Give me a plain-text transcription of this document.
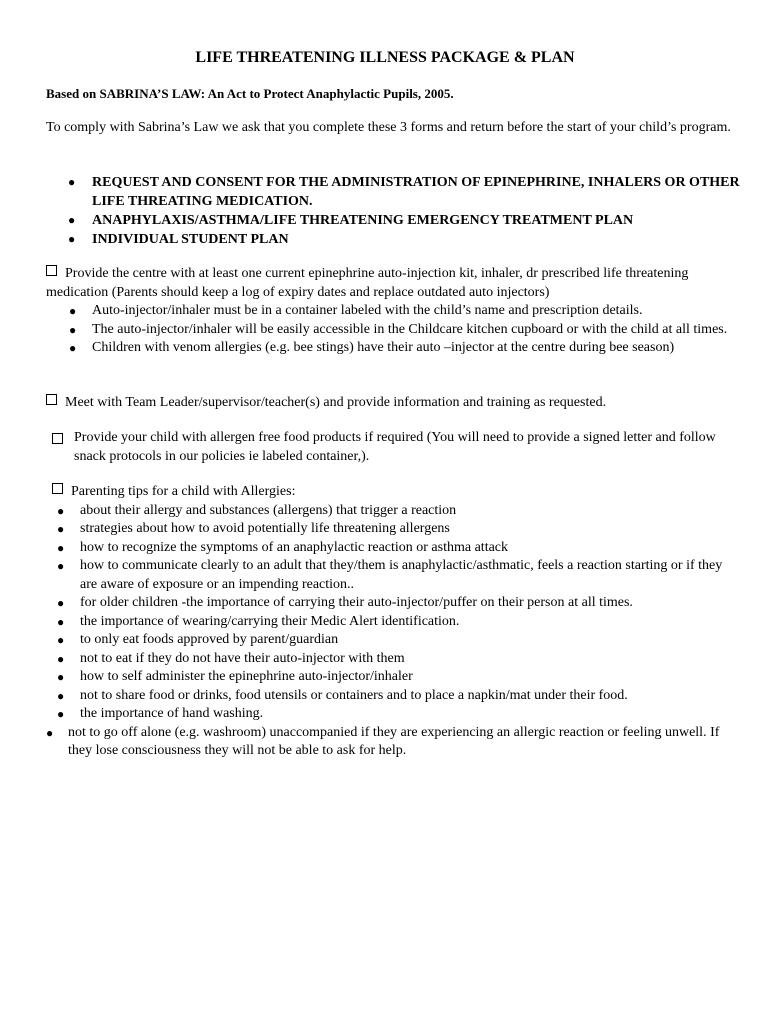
LIFE THREATENING ILLNESS PACKAGE & PLAN
Based on SABRINA’S LAW: An Act to Protect Anaphylactic Pupils, 2005.
To comply with Sabrina’s Law we ask that you complete these 3 forms and return before the start of your child’s program.
● REQUEST AND CONSENT FOR THE ADMINISTRATION OF EPINEPHRINE, INHALERS OR OTHER LIFE THREATING MEDICATION.
● ANAPHYLAXIS/ASTHMA/LIFE THREATENING EMERGENCY TREATMENT PLAN
● INDIVIDUAL STUDENT PLAN
Provide the centre with at least one current epinephrine auto-injection kit, inhaler, dr prescribed life threatening medication (Parents should keep a log of expiry dates and replace outdated auto injectors)
● Auto-injector/inhaler must be in a container labeled with the child’s name and prescription details.
● The auto-injector/inhaler will be easily accessible in the Childcare kitchen cupboard or with the child at all times.
● Children with venom allergies (e.g. bee stings) have their auto –injector at the centre during bee season)
Meet with Team Leader/supervisor/teacher(s) and provide information and training as requested.
Provide your child with allergen free food products if required (You will need to provide a signed letter and follow snack protocols in our policies ie labeled container,).
Parenting tips for a child with Allergies:
● about their allergy and substances (allergens) that trigger a reaction
● strategies about how to avoid potentially life threatening allergens
● how to recognize the symptoms of an anaphylactic reaction or asthma attack
● how to communicate clearly to an adult that they/them is anaphylactic/asthmatic, feels a reaction starting or if they are aware of exposure or an impending reaction..
● for older children -the importance of carrying their auto-injector/puffer on their person at all times.
● the importance of wearing/carrying their Medic Alert identification.
● to only eat foods approved by parent/guardian
● not to eat if they do not have their auto-injector with them
● how to self administer the epinephrine auto-injector/inhaler
● not to share food or drinks, food utensils or containers and to place a napkin/mat under their food.
● the importance of hand washing.
● not to go off alone (e.g. washroom) unaccompanied if they are experiencing an allergic reaction or feeling unwell. If they lose consciousness they will not be able to ask for help.
